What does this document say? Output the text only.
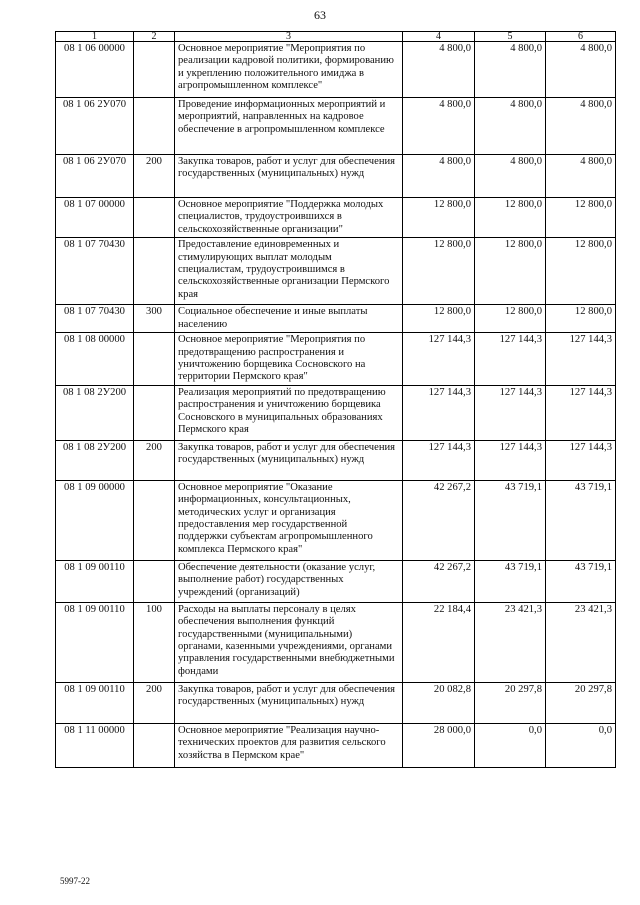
63
1	2	3	4	5	6
08 1 06 00000		Основное мероприятие "Мероприятия по реализации кадровой политики, формированию и укреплению положительного имиджа в агропромышленном комплексе"	4 800,0	4 800,0	4 800,0
08 1 06 2У070		Проведение информационных мероприятий и мероприятий, направленных на кадровое обеспечение в агропромышленном комплексе	4 800,0	4 800,0	4 800,0
08 1 06 2У070	200	Закупка товаров, работ и услуг для обеспечения государственных (муниципальных) нужд	4 800,0	4 800,0	4 800,0
08 1 07 00000		Основное мероприятие "Поддержка молодых специалистов, трудоустроившихся в сельскохозяйственные организации"	12 800,0	12 800,0	12 800,0
08 1 07 70430		Предоставление единовременных и стимулирующих выплат молодым специалистам, трудоустроившимся в сельскохозяйственные организации Пермского края	12 800,0	12 800,0	12 800,0
08 1 07 70430	300	Социальное обеспечение и иные выплаты населению	12 800,0	12 800,0	12 800,0
08 1 08 00000		Основное мероприятие "Мероприятия по предотвращению распространения и уничтожению борщевика Сосновского на территории Пермского края"	127 144,3	127 144,3	127 144,3
08 1 08 2У200		Реализация мероприятий по предотвращению распространения и уничтожению борщевика Сосновского в муниципальных образованиях Пермского края	127 144,3	127 144,3	127 144,3
08 1 08 2У200	200	Закупка товаров, работ и услуг для обеспечения государственных (муниципальных) нужд	127 144,3	127 144,3	127 144,3
08 1 09 00000		Основное мероприятие "Оказание информационных, консультационных, методических услуг и организация предоставления мер государственной поддержки субъектам агропромышленного комплекса Пермского края"	42 267,2	43 719,1	43 719,1
08 1 09 00110		Обеспечение деятельности (оказание услуг, выполнение работ) государственных учреждений (организаций)	42 267,2	43 719,1	43 719,1
08 1 09 00110	100	Расходы на выплаты персоналу в целях обеспечения выполнения функций государственными (муниципальными) органами, казенными учреждениями, органами управления государственными внебюджетными фондами	22 184,4	23 421,3	23 421,3
08 1 09 00110	200	Закупка товаров, работ и услуг для обеспечения государственных (муниципальных) нужд	20 082,8	20 297,8	20 297,8
08 1 11 00000		Основное мероприятие "Реализация научно-технических проектов для развития сельского хозяйства в Пермском крае"	28 000,0	0,0	0,0
5997-22
